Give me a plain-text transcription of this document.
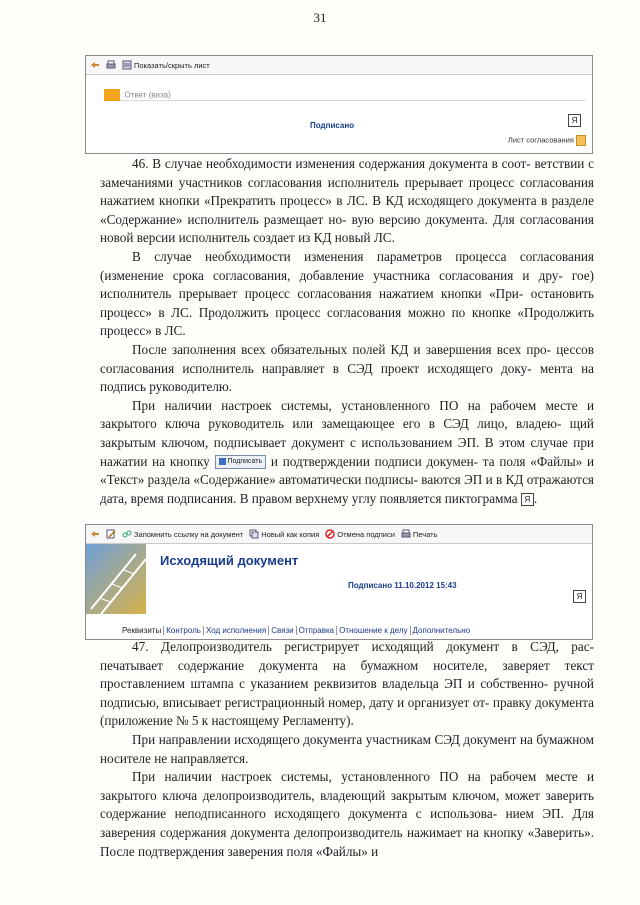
31
Показать/скрыть лист
Ответ (виза)
Подписано
Я
Лист согласования
46. В случае необходимости изменения содержания документа в соот- ветствии с замечаниями участников согласования исполнитель прерывает процесс согласования нажатием кнопки «Прекратить процесс» в ЛС. В КД исходящего документа в разделе «Содержание» исполнитель размещает но- вую версию документа. Для согласования новой версии исполнитель создает из КД новый ЛС.
В случае необходимости изменения параметров процесса согласования (изменение срока согласования, добавление участника согласования и дру- гое) исполнитель прерывает процесс согласования нажатием кнопки «При- остановить процесс» в ЛС. Продолжить процесс согласования можно по кнопке «Продолжить процесс» в ЛС.
После заполнения всех обязательных полей КД и завершения всех про- цессов согласования исполнитель направляет в СЭД проект исходящего доку- мента на подпись руководителю.
При наличии настроек системы, установленного ПО на рабочем месте и закрытого ключа руководитель или замещающее его в СЭД лицо, владею- щий закрытым ключом, подписывает документ с использованием ЭП. В этом случае при нажатии на кнопку	Подписать и подтверждении подписи докумен- та поля «Файлы» и «Текст» раздела «Содержание» автоматически подписы- ваются ЭП и в КД отражаются дата, время подписания. В правом верхнему углу появляется пиктограмма Я .
Запомнить ссылку на документ Новый как копия Отмена подписи Печать
Исходящий документ
Подписано 11.10.2012 15:43
Я
Реквизиты Контроль Ход исполнения Связи Отправка Отношение к делу Дополнительно
47. Делопроизводитель регистрирует исходящий документ в СЭД, рас- печатывает содержание документа на бумажном носителе, заверяет текст проставлением штампа с указанием реквизитов владельца ЭП и собственно- ручной подписью, вписывает регистрационный номер, дату и организует от- правку документа (приложение № 5 к настоящему Регламенту).
При направлении исходящего документа участникам СЭД документ на бумажном носителе не направляется.
При наличии настроек системы, установленного ПО на рабочем месте и закрытого ключа делопроизводитель, владеющий закрытым ключом, может заверить содержание неподписанного исходящего документа с использова- нием ЭП. Для заверения содержания документа делопроизводитель нажимает на кнопку «Заверить». После подтверждения заверения поля «Файлы» и
